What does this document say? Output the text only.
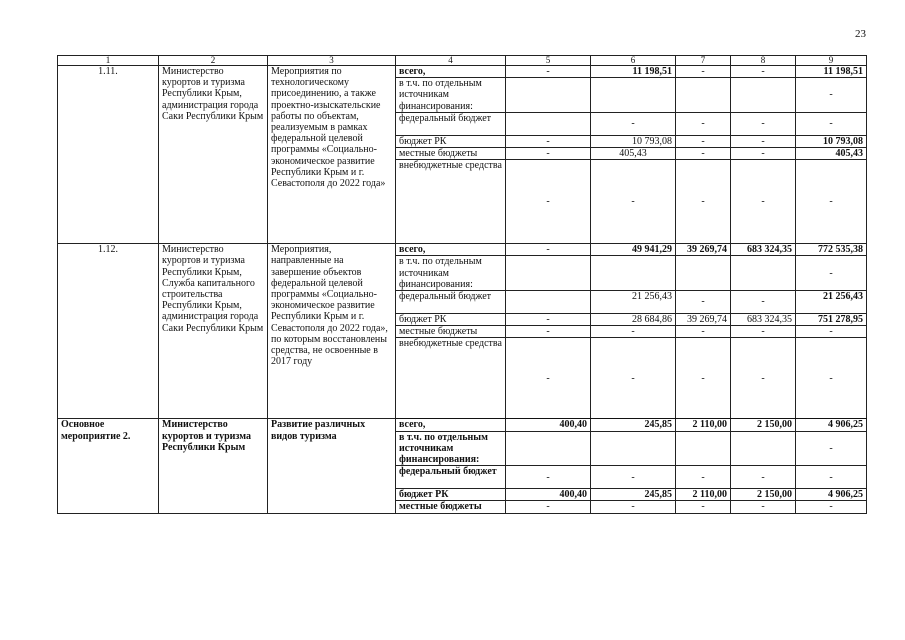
23
1	2	3	4	5	6	7	8	9
1.11.	Министерство курортов и туризма Республики Крым, администрация города Саки Республики Крым	Мероприятия по технологическому присоединению, а также проектно-изыскательские работы по объектам, реализуемым в рамках федеральной целевой программы «Социально-экономическое развитие Республики Крым и г. Севастополя до 2022 года»	всего,	-	11 198,51	-	-	11 198,51
			в т.ч. по отдельным источникам финансирования:					-
			федеральный бюджет		-	-	-	-
			бюджет РК	-	10 793,08	-	-	10 793,08
			местные бюджеты	-	405,43	-	-	405,43
			внебюджетные средства	-	-	-	-	-
1.12.	Министерство курортов и туризма Республики Крым, Служба капитального строительства Республики Крым, администрация города Саки Республики Крым	Мероприятия, направленные на завершение объектов федеральной целевой программы «Социально-экономическое развитие Республики Крым и г. Севастополя до 2022 года», по которым восстановлены средства, не освоенные в 2017 году	всего,	-	49 941,29	39 269,74	683 324,35	772 535,38
			в т.ч. по отдельным источникам финансирования:					-
			федеральный бюджет		21 256,43	-	-	21 256,43
			бюджет РК	-	28 684,86	39 269,74	683 324,35	751 278,95
			местные бюджеты	-	-	-	-	-
			внебюджетные средства	-	-	-	-	-
Основное мероприятие 2.	Министерство курортов и туризма Республики Крым	Развитие различных видов туризма	всего,	400,40	245,85	2 110,00	2 150,00	4 906,25
			в т.ч. по отдельным источникам финансирования:					-
			федеральный бюджет	-	-	-	-	-
			бюджет РК	400,40	245,85	2 110,00	2 150,00	4 906,25
			местные бюджеты	-	-	-	-	-
